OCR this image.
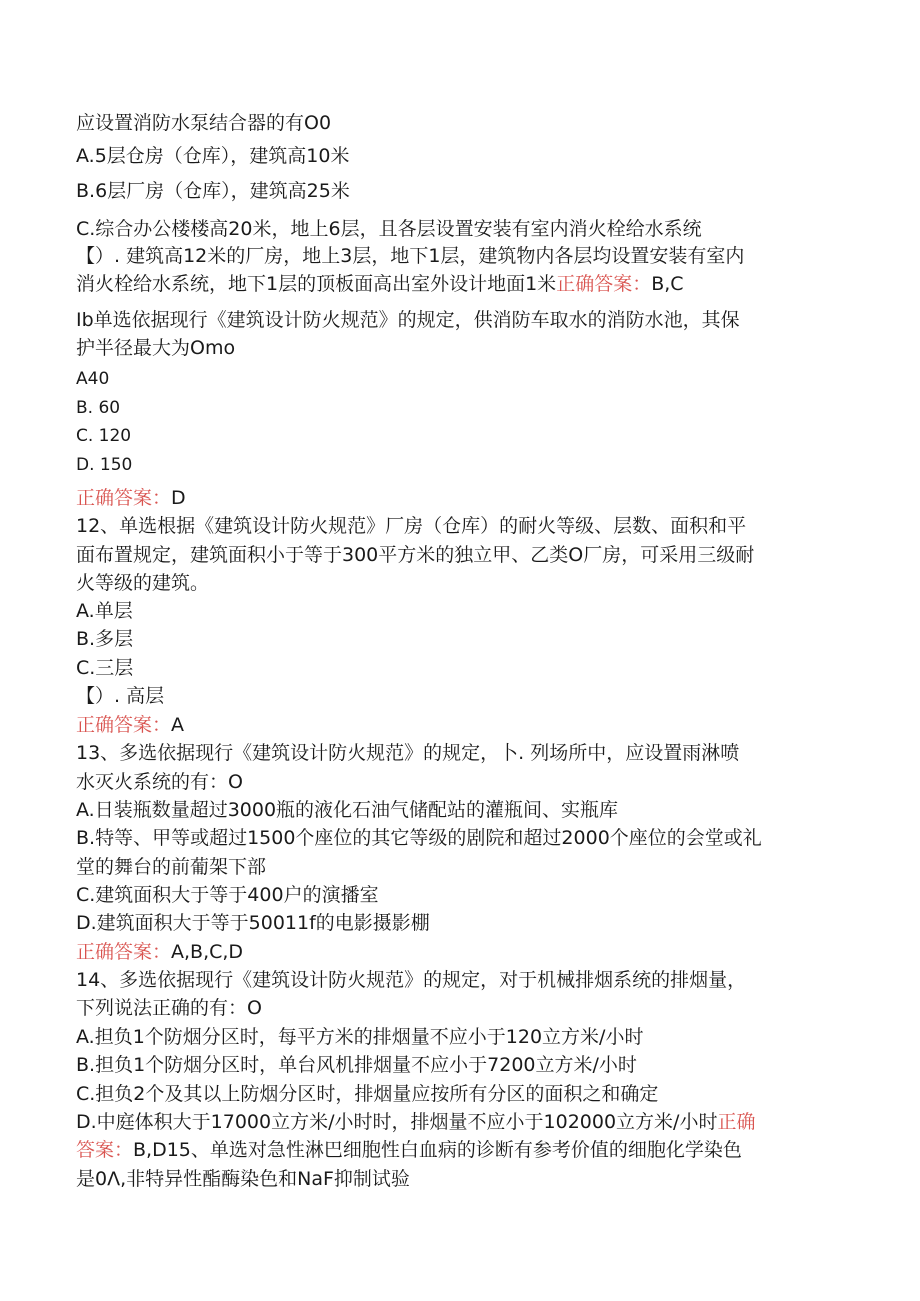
应设置消防水泵结合器的有O0
A.5层仓房（仓库），建筑高10米
B.6层厂房（仓库），建筑高25米
C.综合办公楼楼高20米，地上6层，且各层设置安装有室内消火栓给水系统
【）. 建筑高12米的厂房，地上3层，地下1层，建筑物内各层均设置安装有室内
消火栓给水系统，地下1层的顶板面高出室外设计地面1米正确答案：B,C
Ib单选依据现行《建筑设计防火规范》的规定，供消防车取水的消防水池，其保
护半径最大为Omo
A40
B. 60
C. 120
D. 150
正确答案：D
12、单选根据《建筑设计防火规范》厂房（仓库）的耐火等级、层数、面积和平
面布置规定，建筑面积小于等于300平方米的独立甲、乙类O厂房，可采用三级耐
火等级的建筑。
A.单层
B.多层
C.三层
【）. 高层
正确答案：A
13、多选依据现行《建筑设计防火规范》的规定，卜. 列场所中，应设置雨淋喷
水灭火系统的有：O
A.日装瓶数量超过3000瓶的液化石油气储配站的灌瓶间、实瓶库
B.特等、甲等或超过1500个座位的其它等级的剧院和超过2000个座位的会堂或礼
堂的舞台的前葡架下部
C.建筑面积大于等于400户的演播室
D.建筑面积大于等于50011f的电影摄影棚
正确答案：A,B,C,D
14、多选依据现行《建筑设计防火规范》的规定，对于机械排烟系统的排烟量，
下列说法正确的有：O
A.担负1个防烟分区时，每平方米的排烟量不应小于120立方米/小时
B.担负1个防烟分区时，单台风机排烟量不应小于7200立方米/小时
C.担负2个及其以上防烟分区时，排烟量应按所有分区的面积之和确定
D.中庭体积大于17000立方米/小时时，排烟量不应小于102000立方米/小时正确
答案：B,D15、单选对急性淋巴细胞性白血病的诊断有参考价值的细胞化学染色
是0Λ,非特异性酯酶染色和NaF抑制试验
